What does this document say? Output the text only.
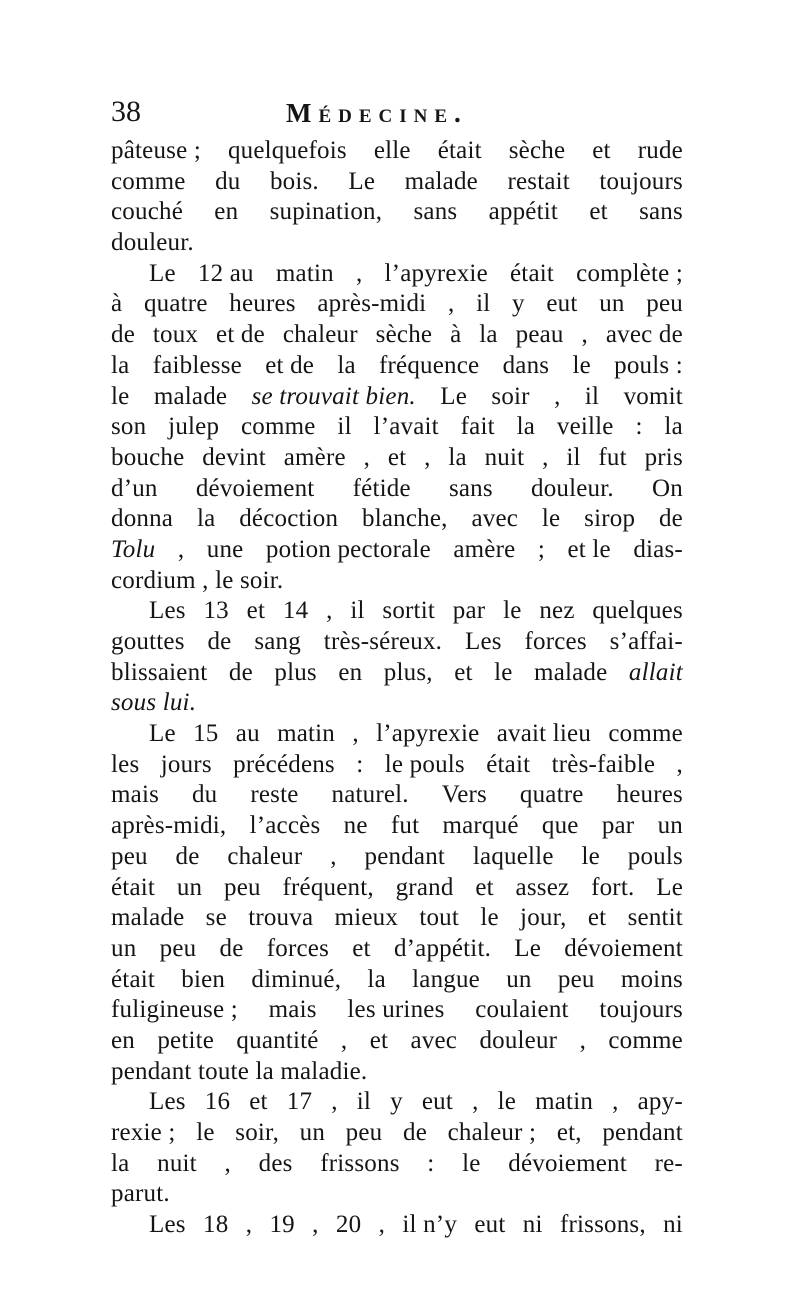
38	Médecine.
pâteuse ; quelquefois elle était sèche et rude
comme du bois. Le malade restait toujours
couché en supination, sans appétit et sans
douleur.
Le 12 au matin , l’apyrexie était complète ;
à quatre heures après-midi , il y eut un peu
de toux et de chaleur sèche à la peau , avec de
la faiblesse et de la fréquence dans le pouls :
le malade se trouvait bien. Le soir , il vomit
son julep comme il l’avait fait la veille : la
bouche devint amère , et , la nuit , il fut pris
d’un dévoiement fétide sans douleur. On
donna la décoction blanche, avec le sirop de
Tolu , une potion pectorale amère ; et le dias-
cordium
,
le
soir.
Les 13 et 14 , il sortit par le nez quelques
gouttes de sang très-séreux. Les forces s’affai-
blissaient de plus en plus, et le malade allait
sous lui.
Le 15 au matin , l’apyrexie avait lieu comme
les jours précédens : le pouls était très-faible ,
mais du reste naturel. Vers quatre heures
après-midi, l’accès ne fut marqué que par un
peu de chaleur , pendant laquelle le pouls
était un peu fréquent, grand et assez fort. Le
malade se trouva mieux tout le jour, et sentit
un peu de forces et d’appétit. Le dévoiement
était bien diminué, la langue un peu moins
fuligineuse ; mais les urines coulaient toujours
en petite quantité , et avec douleur , comme
pendant
toute
la
maladie.
Les 16 et 17 , il y eut , le matin , apy-
rexie ; le soir, un peu de chaleur ; et, pendant
la nuit , des frissons : le dévoiement re-
parut.
Les 18 , 19 , 20 , il n’y eut ni frissons, ni
